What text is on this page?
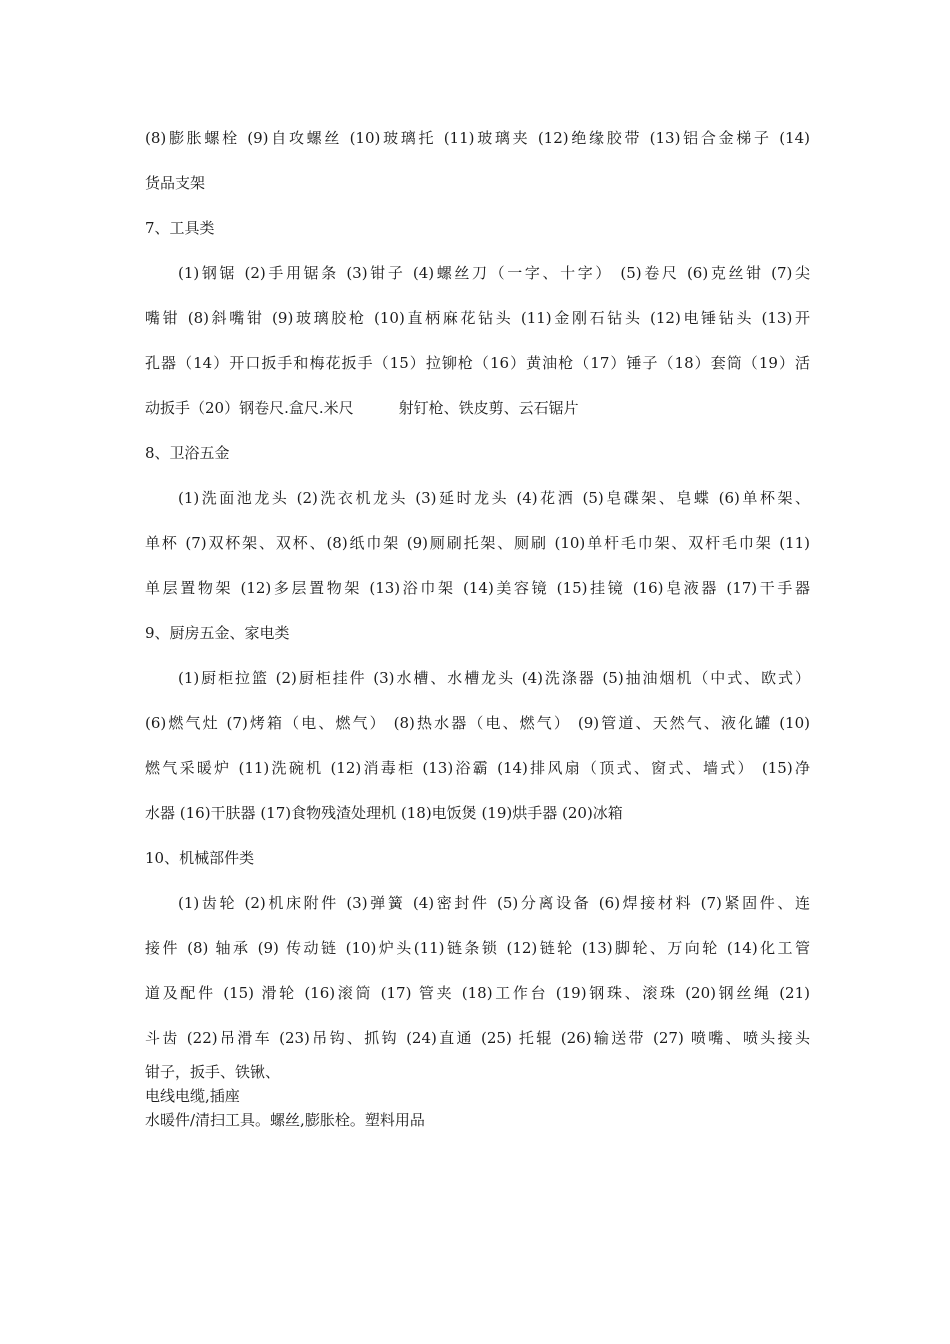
(8)膨胀螺栓 (9)自攻螺丝 (10)玻璃托 (11)玻璃夹 (12)绝缘胶带 (13)铝合金梯子 (14)
货品支架
7、工具类
(1)钢锯 (2)手用锯条 (3)钳子 (4)螺丝刀（一字、十字） (5)卷尺 (6)克丝钳 (7)尖
嘴钳 (8)斜嘴钳 (9)玻璃胶枪 (10)直柄麻花钻头 (11)金刚石钻头 (12)电锤钻头 (13)开
孔器（14）开口扳手和梅花扳手（15）拉铆枪（16）黄油枪（17）锤子（18）套筒（19）活
动扳手（20）钢卷尺.盒尺.米尺　　　射钉枪、铁皮剪、云石锯片
8、卫浴五金
(1)洗面池龙头 (2)洗衣机龙头 (3)延时龙头 (4)花洒 (5)皂碟架、皂蝶 (6)单杯架、
单杯 (7)双杯架、双杯、(8)纸巾架 (9)厕刷托架、厕刷 (10)单杆毛巾架、双杆毛巾架 (11)
单层置物架 (12)多层置物架 (13)浴巾架 (14)美容镜 (15)挂镜 (16)皂液器 (17)干手器
9、厨房五金、家电类
(1)厨柜拉篮 (2)厨柜挂件 (3)水槽、水槽龙头 (4)洗涤器 (5)抽油烟机（中式、欧式）
(6)燃气灶 (7)烤箱（电、燃气） (8)热水器（电、燃气） (9)管道、天然气、液化罐 (10)
燃气采暖炉 (11)洗碗机 (12)消毒柜 (13)浴霸 (14)排风扇（顶式、窗式、墙式） (15)净
水器 (16)干肤器 (17)食物残渣处理机 (18)电饭煲 (19)烘手器 (20)冰箱
10、机械部件类
(1)齿轮 (2)机床附件 (3)弹簧 (4)密封件 (5)分离设备 (6)焊接材料 (7)紧固件、连
接件 (8) 轴承 (9) 传动链 (10)炉头(11)链条锁 (12)链轮 (13)脚轮、万向轮 (14)化工管
道及配件 (15) 滑轮 (16)滚筒 (17) 管夹 (18)工作台 (19)钢珠、滚珠 (20)钢丝绳 (21)
斗齿 (22)吊滑车 (23)吊钩、抓钩 (24)直通 (25) 托辊 (26)输送带 (27) 喷嘴、喷头接头
钳子，扳手、铁锹、
电线电缆,插座
水暖件/清扫工具。螺丝,膨胀栓。塑料用品
